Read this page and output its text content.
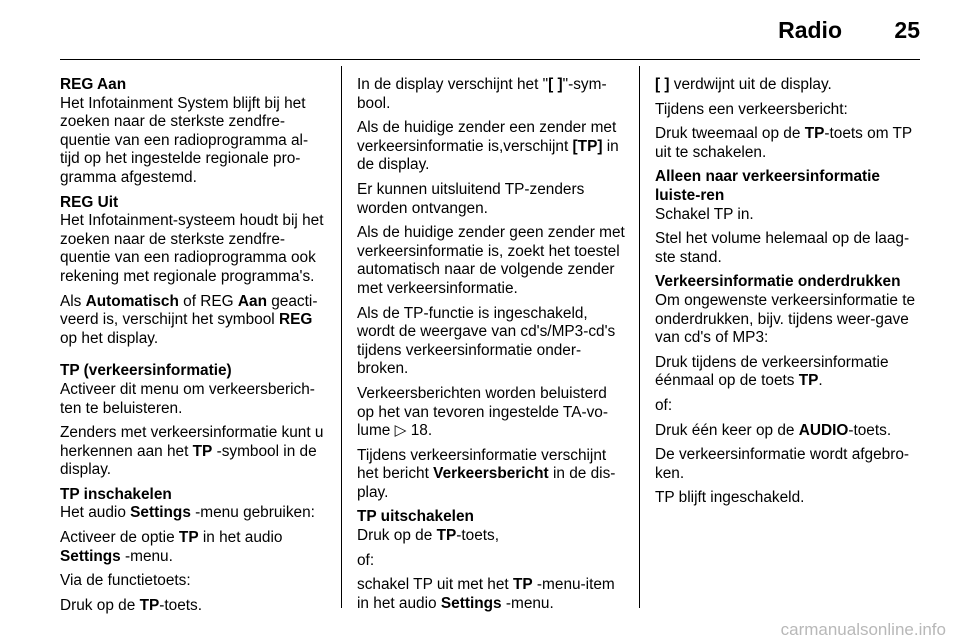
Radio 25
REG Aan
Het Infotainment System blijft bij het zoeken naar de sterkste zendfre-quentie van een radioprogramma al-tijd op het ingestelde regionale pro-gramma afgestemd.
REG Uit
Het Infotainment-systeem houdt bij het zoeken naar de sterkste zendfre-quentie van een radioprogramma ook rekening met regionale programma's.
Als Automatisch of REG Aan geacti-veerd is, verschijnt het symbool REG op het display.
TP (verkeersinformatie)
Activeer dit menu om verkeersberich-ten te beluisteren.
Zenders met verkeersinformatie kunt u herkennen aan het TP -symbool in de display.
TP inschakelen
Het audio Settings -menu gebruiken:
Activeer de optie TP in het audio Settings -menu.
Via de functietoets:
Druk op de TP-toets.
In de display verschijnt het "[ ]"-sym-bool.
Als de huidige zender een zender met verkeersinformatie is,verschijnt [TP] in de display.
Er kunnen uitsluitend TP-zenders worden ontvangen.
Als de huidige zender geen zender met verkeersinformatie is, zoekt het toestel automatisch naar de volgende zender met verkeersinformatie.
Als de TP-functie is ingeschakeld, wordt de weergave van cd's/MP3-cd's tijdens verkeersinformatie onder-broken.
Verkeersberichten worden beluisterd op het van tevoren ingestelde TA-vo-lume ▷ 18.
Tijdens verkeersinformatie verschijnt het bericht Verkeersbericht in de dis-play.
TP uitschakelen
Druk op de TP-toets,
of:
schakel TP uit met het TP -menu-item in het audio Settings -menu.
[ ] verdwijnt uit de display.
Tijdens een verkeersbericht:
Druk tweemaal op de TP-toets om TP uit te schakelen.
Alleen naar verkeersinformatie luiste-ren
Schakel TP in.
Stel het volume helemaal op de laag-ste stand.
Verkeersinformatie onderdrukken
Om ongewenste verkeersinformatie te onderdrukken, bijv. tijdens weer-gave van cd's of MP3:
Druk tijdens de verkeersinformatie éénmaal op de toets TP.
of:
Druk één keer op de AUDIO-toets.
De verkeersinformatie wordt afgebro-ken.
TP blijft ingeschakeld.
carmanualsonline.info
